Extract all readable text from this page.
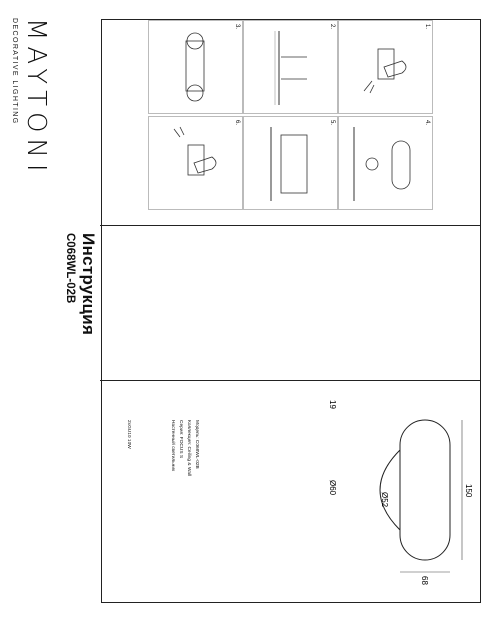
MAYTONI
DECORATIVE LIGHTING
Инструкция
C068WL-02B
1.
2.
3.
4.
5.
6.
150
68
Ø52
Ø60
19
Модель: C068WL-02B
Коллекция: Ceiling & Wall
Серия: FOCUS S
Настенный светильник
2xGU10 10W
